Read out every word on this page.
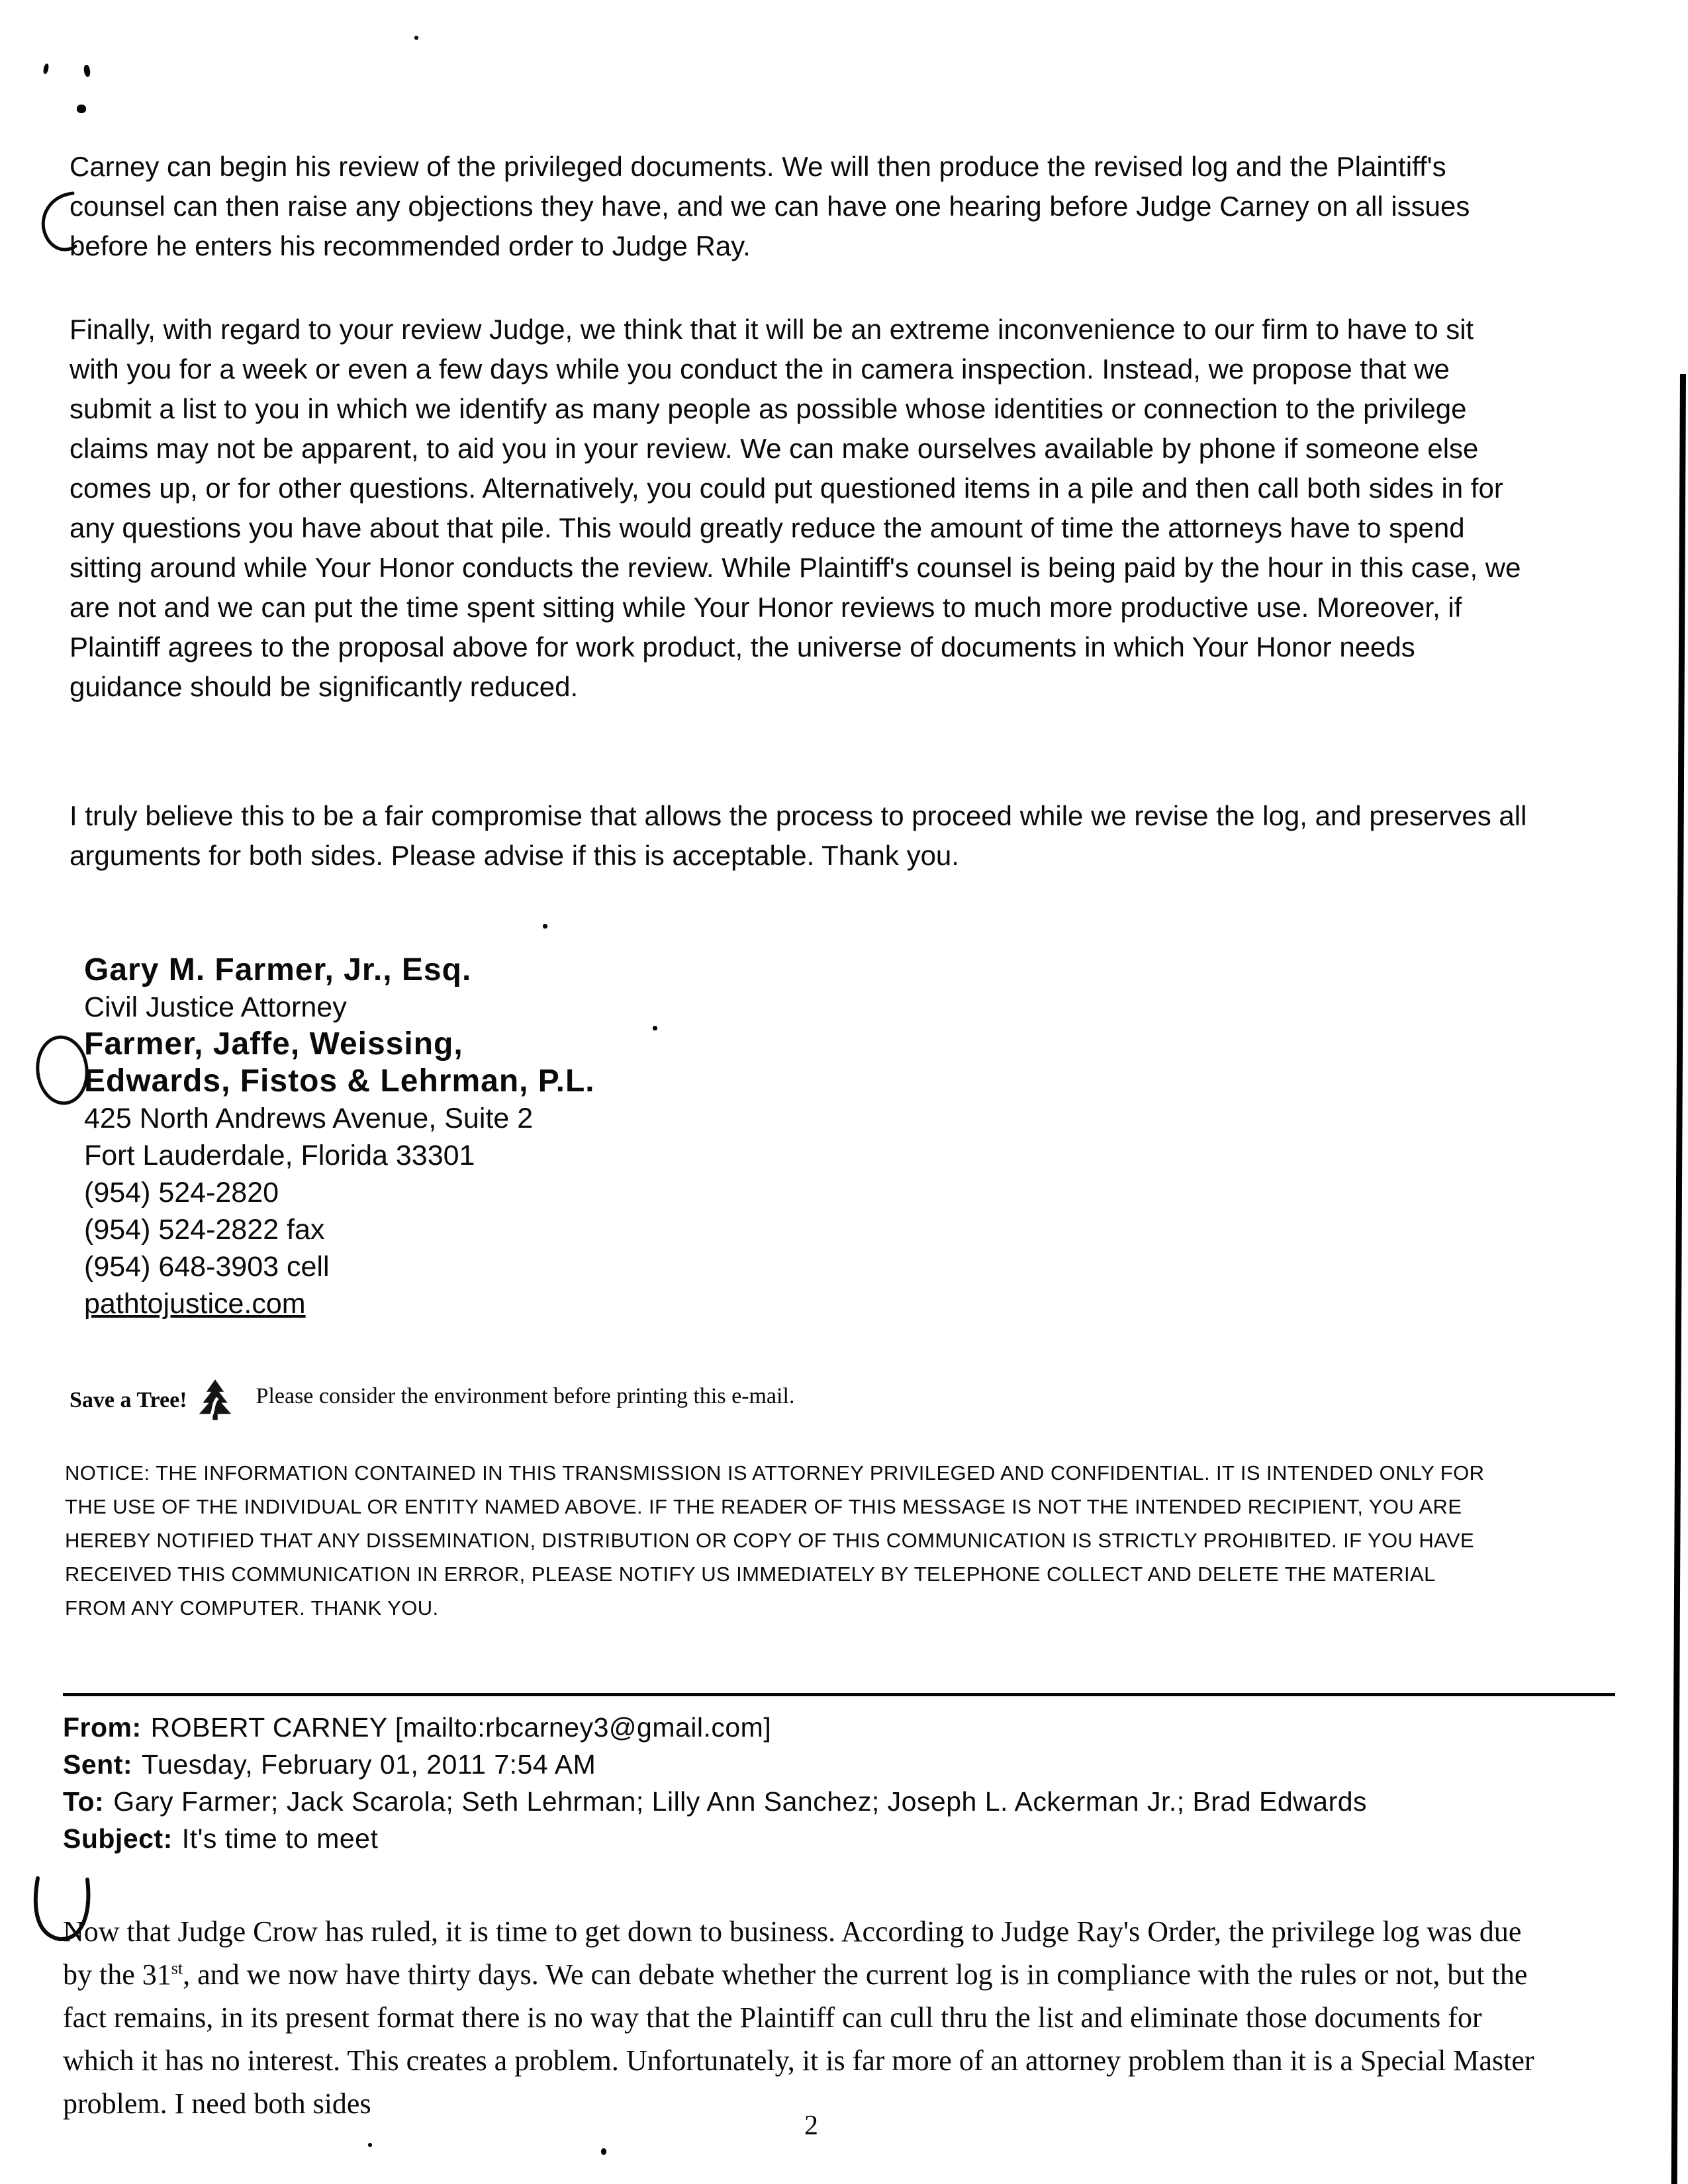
Carney can begin his review of the privileged documents. We will then produce the revised log and the Plaintiff's counsel can then raise any objections they have, and we can have one hearing before Judge Carney on all issues before he enters his recommended order to Judge Ray.
Finally, with regard to your review Judge, we think that it will be an extreme inconvenience to our firm to have to sit with you for a week or even a few days while you conduct the in camera inspection. Instead, we propose that we submit a list to you in which we identify as many people as possible whose identities or connection to the privilege claims may not be apparent, to aid you in your review. We can make ourselves available by phone if someone else comes up, or for other questions. Alternatively, you could put questioned items in a pile and then call both sides in for any questions you have about that pile. This would greatly reduce the amount of time the attorneys have to spend sitting around while Your Honor conducts the review. While Plaintiff's counsel is being paid by the hour in this case, we are not and we can put the time spent sitting while Your Honor reviews to much more productive use. Moreover, if Plaintiff agrees to the proposal above for work product, the universe of documents in which Your Honor needs guidance should be significantly reduced.
I truly believe this to be a fair compromise that allows the process to proceed while we revise the log, and preserves all arguments for both sides. Please advise if this is acceptable. Thank you.
Gary M. Farmer, Jr., Esq.
Civil Justice Attorney
Farmer, Jaffe, Weissing,
Edwards, Fistos & Lehrman, P.L.
425 North Andrews Avenue, Suite 2
Fort Lauderdale, Florida 33301
(954) 524-2820
(954) 524-2822 fax
(954) 648-3903 cell
pathtojustice.com
Save a Tree!	Please consider the environment before printing this e-mail.
NOTICE: THE INFORMATION CONTAINED IN THIS TRANSMISSION IS ATTORNEY PRIVILEGED AND CONFIDENTIAL. IT IS INTENDED ONLY FOR THE USE OF THE INDIVIDUAL OR ENTITY NAMED ABOVE. IF THE READER OF THIS MESSAGE IS NOT THE INTENDED RECIPIENT, YOU ARE HEREBY NOTIFIED THAT ANY DISSEMINATION, DISTRIBUTION OR COPY OF THIS COMMUNICATION IS STRICTLY PROHIBITED. IF YOU HAVE RECEIVED THIS COMMUNICATION IN ERROR, PLEASE NOTIFY US IMMEDIATELY BY TELEPHONE COLLECT AND DELETE THE MATERIAL FROM ANY COMPUTER. THANK YOU.
From: ROBERT CARNEY [mailto:rbcarney3@gmail.com]
Sent: Tuesday, February 01, 2011 7:54 AM
To: Gary Farmer; Jack Scarola; Seth Lehrman; Lilly Ann Sanchez; Joseph L. Ackerman Jr.; Brad Edwards
Subject: It's time to meet
Now that Judge Crow has ruled, it is time to get down to business. According to Judge Ray's Order, the privilege log was due by the 31st, and we now have thirty days. We can debate whether the current log is in compliance with the rules or not, but the fact remains, in its present format there is no way that the Plaintiff can cull thru the list and eliminate those documents for which it has no interest. This creates a problem. Unfortunately, it is far more of an attorney problem than it is a Special Master problem. I need both sides
2
